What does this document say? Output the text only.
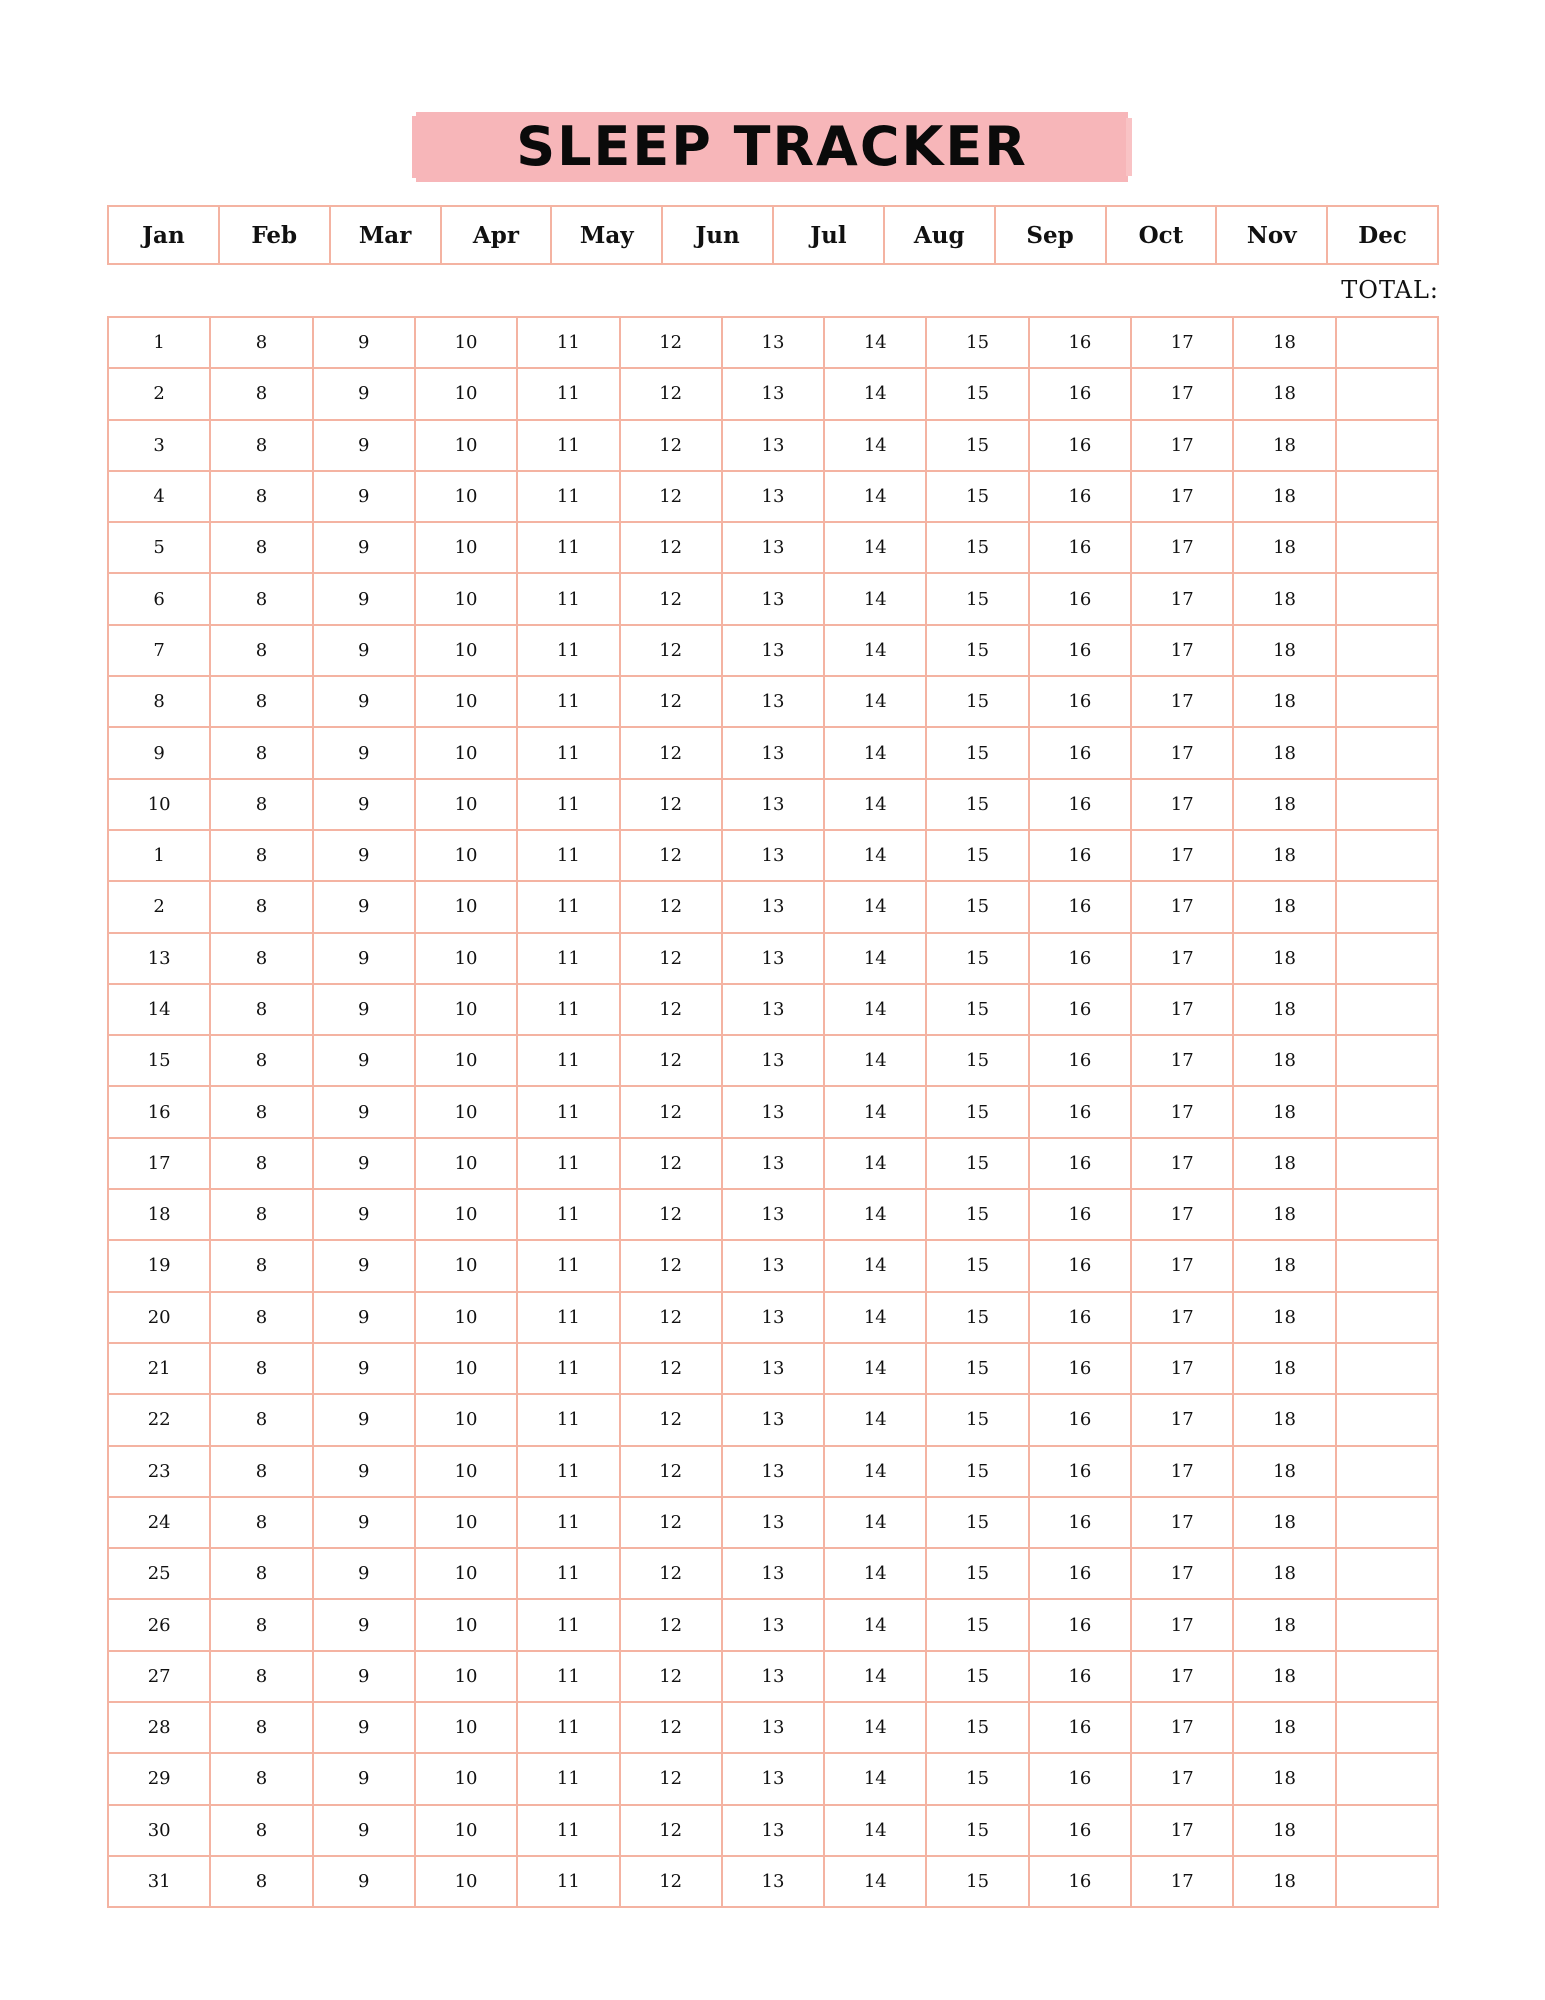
SLEEP TRACKER
Jan	Feb	Mar	Apr	May	Jun	Jul	Aug	Sep	Oct	Nov	Dec
TOTAL:
1	8	9	10	11	12	13	14	15	16	17	18
2	8	9	10	11	12	13	14	15	16	17	18
3	8	9	10	11	12	13	14	15	16	17	18
4	8	9	10	11	12	13	14	15	16	17	18
5	8	9	10	11	12	13	14	15	16	17	18
6	8	9	10	11	12	13	14	15	16	17	18
7	8	9	10	11	12	13	14	15	16	17	18
8	8	9	10	11	12	13	14	15	16	17	18
9	8	9	10	11	12	13	14	15	16	17	18
10	8	9	10	11	12	13	14	15	16	17	18
1	8	9	10	11	12	13	14	15	16	17	18
2	8	9	10	11	12	13	14	15	16	17	18
13	8	9	10	11	12	13	14	15	16	17	18
14	8	9	10	11	12	13	14	15	16	17	18
15	8	9	10	11	12	13	14	15	16	17	18
16	8	9	10	11	12	13	14	15	16	17	18
17	8	9	10	11	12	13	14	15	16	17	18
18	8	9	10	11	12	13	14	15	16	17	18
19	8	9	10	11	12	13	14	15	16	17	18
20	8	9	10	11	12	13	14	15	16	17	18
21	8	9	10	11	12	13	14	15	16	17	18
22	8	9	10	11	12	13	14	15	16	17	18
23	8	9	10	11	12	13	14	15	16	17	18
24	8	9	10	11	12	13	14	15	16	17	18
25	8	9	10	11	12	13	14	15	16	17	18
26	8	9	10	11	12	13	14	15	16	17	18
27	8	9	10	11	12	13	14	15	16	17	18
28	8	9	10	11	12	13	14	15	16	17	18
29	8	9	10	11	12	13	14	15	16	17	18
30	8	9	10	11	12	13	14	15	16	17	18
31	8	9	10	11	12	13	14	15	16	17	18
